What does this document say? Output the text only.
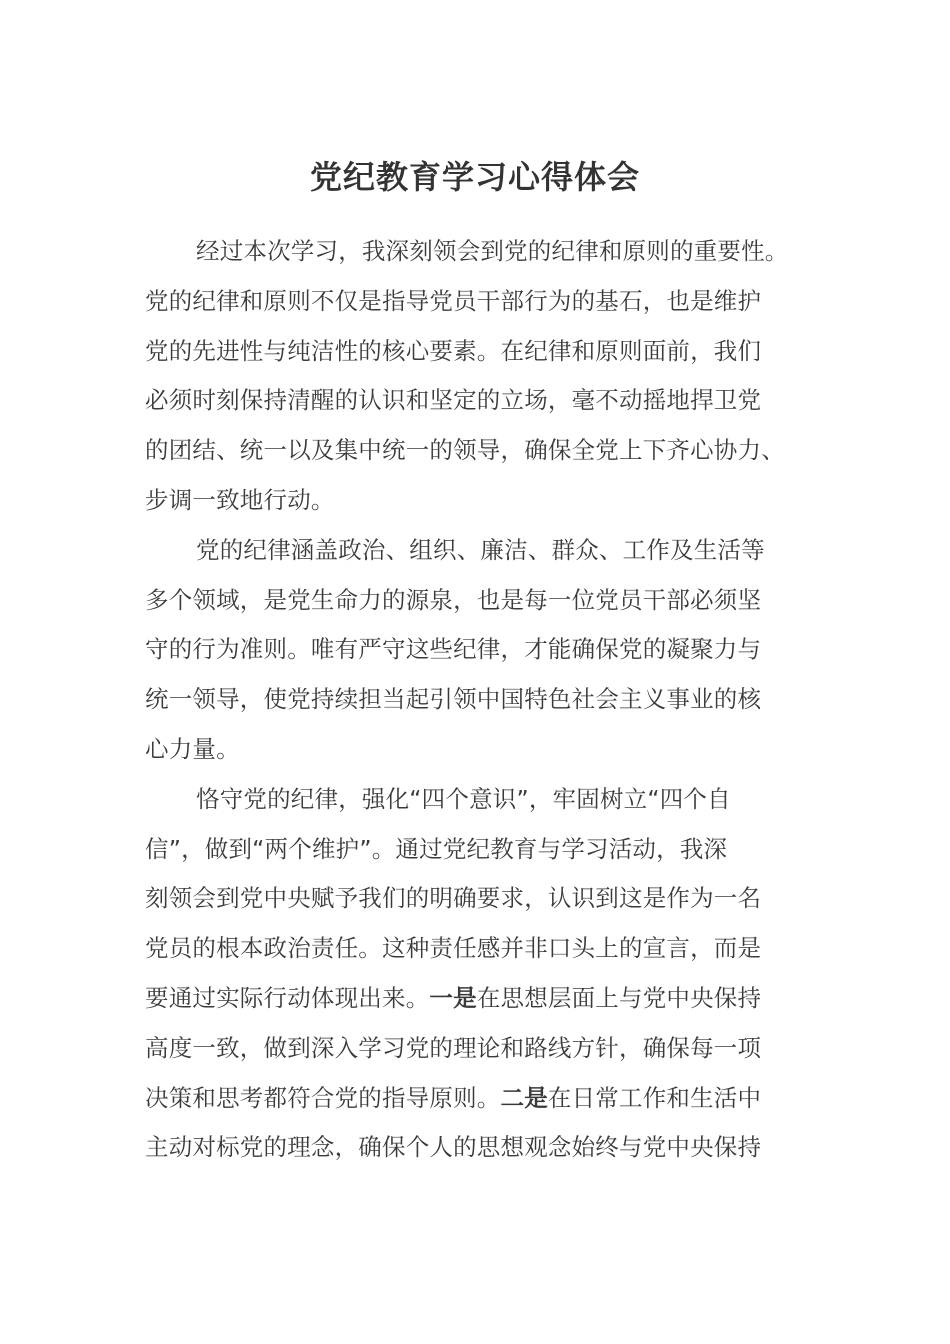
党纪教育学习心得体会
经过本次学习，我深刻领会到党的纪律和原则的重要性。
党的纪律和原则不仅是指导党员干部行为的基石，也是维护
党的先进性与纯洁性的核心要素。在纪律和原则面前，我们
必须时刻保持清醒的认识和坚定的立场，毫不动摇地捍卫党
的团结、统一以及集中统一的领导，确保全党上下齐心协力、
步调一致地行动。
党的纪律涵盖政治、组织、廉洁、群众、工作及生活等
多个领域，是党生命力的源泉，也是每一位党员干部必须坚
守的行为准则。唯有严守这些纪律，才能确保党的凝聚力与
统一领导，使党持续担当起引领中国特色社会主义事业的核
心力量。
恪守党的纪律，强化“四个意识”，牢固树立“四个自
信”，做到“两个维护”。通过党纪教育与学习活动，我深
刻领会到党中央赋予我们的明确要求，认识到这是作为一名
党员的根本政治责任。这种责任感并非口头上的宣言，而是
要通过实际行动体现出来。一是在思想层面上与党中央保持
高度一致，做到深入学习党的理论和路线方针，确保每一项
决策和思考都符合党的指导原则。二是在日常工作和生活中
主动对标党的理念，确保个人的思想观念始终与党中央保持
